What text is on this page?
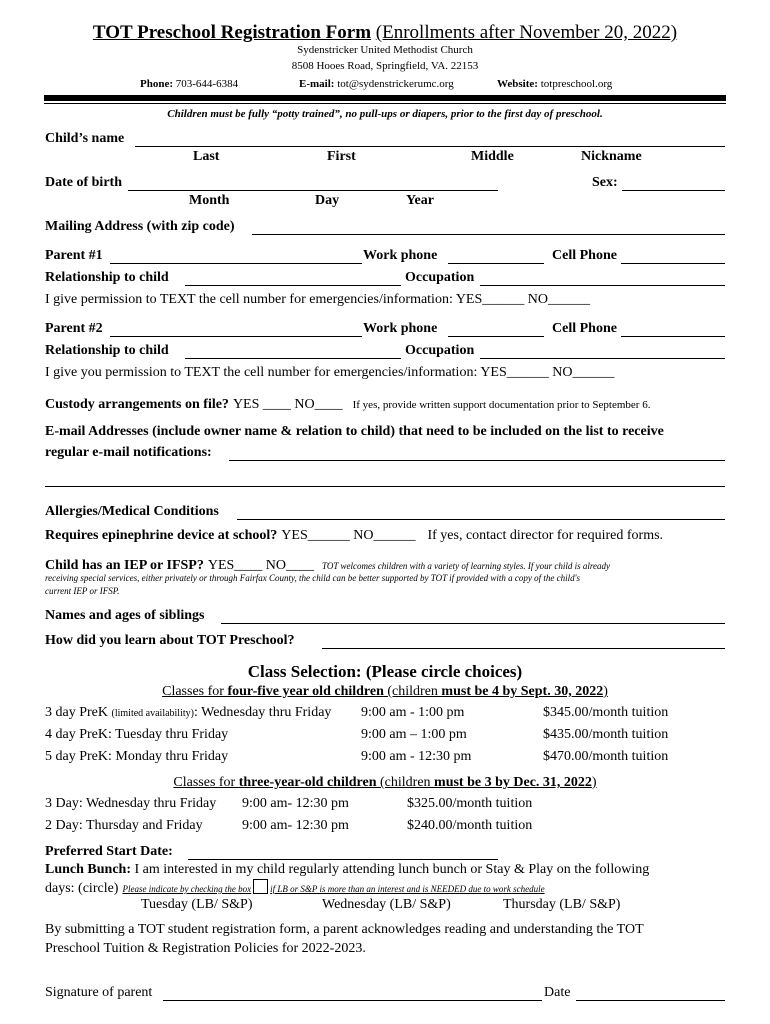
TOT Preschool Registration Form (Enrollments after November 20, 2022)
Sydenstricker United Methodist Church
8508 Hooes Road, Springfield, VA. 22153
Phone: 703-644-6384	E-mail: tot@sydenstrickerumc.org	Website: totpreschool.org
Children must be fully “potty trained”, no pull-ups or diapers, prior to the first day of preschool.
Child’s name
Last	First	Middle	Nickname
Date of birth	Sex:
Month	Day	Year
Mailing Address (with zip code)
Parent #1	Work phone	Cell Phone
Relationship to child	Occupation
I give permission to TEXT the cell number for emergencies/information: YES______ NO______
Parent #2	Work phone	Cell Phone
Relationship to child	Occupation
I give you permission to TEXT the cell number for emergencies/information: YES______ NO______
Custody arrangements on file? YES ____ NO____ If yes, provide written support documentation prior to September 6.
E-mail Addresses (include owner name & relation to child) that need to be included on the list to receive
regular e-mail notifications:
Allergies/Medical Conditions
Requires epinephrine device at school? YES______ NO______ If yes, contact director for required forms.
Child has an IEP or IFSP? YES____ NO____ TOT welcomes children with a variety of learning styles. If your child is already
receiving special services, either privately or through Fairfax County, the child can be better supported by TOT if provided with a copy of the child's
current IEP or IFSP.
Names and ages of siblings
How did you learn about TOT Preschool?
Class Selection: (Please circle choices)
Classes for four-five year old children (children must be 4 by Sept. 30, 2022)
3 day PreK (limited availability): Wednesday thru Friday 9:00 am - 1:00 pm	$345.00/month tuition
4 day PreK: Tuesday thru Friday	9:00 am – 1:00 pm	$435.00/month tuition
5 day PreK: Monday thru Friday	9:00 am - 12:30 pm	$470.00/month tuition
Classes for three-year-old children (children must be 3 by Dec. 31, 2022)
3 Day: Wednesday thru Friday 9:00 am- 12:30 pm	$325.00/month tuition
2 Day: Thursday and Friday	9:00 am- 12:30 pm	$240.00/month tuition
Preferred Start Date:
Lunch Bunch: I am interested in my child regularly attending lunch bunch or Stay & Play on the following
days: (circle) Please indicate by checking the box if LB or S&P is more than an interest and is NEEDED due to work schedule
Tuesday (LB/ S&P)	Wednesday (LB/ S&P)	Thursday (LB/ S&P)
By submitting a TOT student registration form, a parent acknowledges reading and understanding the TOT
Preschool Tuition & Registration Policies for 2022-2023.
Signature of parent	Date
